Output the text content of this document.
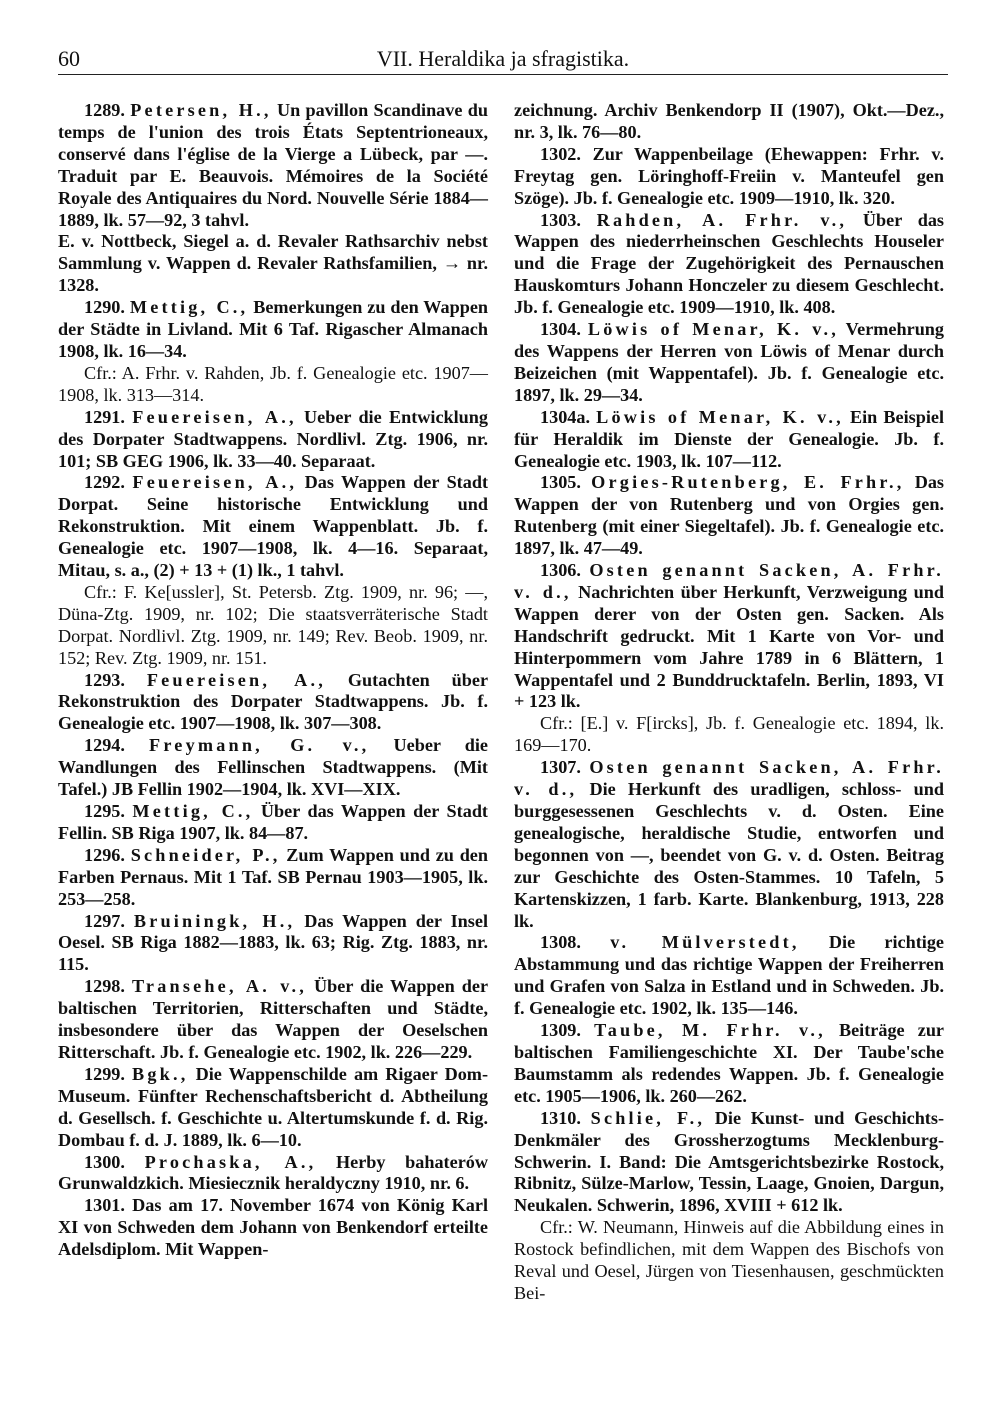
60	VII. Heraldika ja sfragistika.

1289. Petersen, H., Un pavillon Scandinave du temps de l'union des trois États Septentrioneaux, conservé dans l'église de la Vierge a Lübeck, par —. Traduit par E. Beauvois. Mémoires de la Société Royale des Antiquaires du Nord. Nouvelle Série 1884—1889, lk. 57—92, 3 tahvl.

E. v. Nottbeck, Siegel a. d. Revaler Rathsarchiv nebst Sammlung v. Wappen d. Revaler Rathsfamilien, → nr. 1328.

1290. Mettig, C., Bemerkungen zu den Wappen der Städte in Livland. Mit 6 Taf. Rigascher Almanach 1908, lk. 16—34.

Cfr.: A. Frhr. v. Rahden, Jb. f. Genealogie etc. 1907—1908, lk. 313—314.

1291. Feuereisen, A., Ueber die Entwicklung des Dorpater Stadtwappens. Nordlivl. Ztg. 1906, nr. 101; SB GEG 1906, lk. 33—40. Separaat.

1292. Feuereisen, A., Das Wappen der Stadt Dorpat. Seine historische Entwicklung und Rekonstruktion. Mit einem Wappenblatt. Jb. f. Genealogie etc. 1907—1908, lk. 4—16. Separaat, Mitau, s. a., (2) + 13 + (1) lk., 1 tahvl.

Cfr.: F. Ke[ussler], St. Petersb. Ztg. 1909, nr. 96; —, Düna-Ztg. 1909, nr. 102; Die staatsverräterische Stadt Dorpat. Nordlivl. Ztg. 1909, nr. 149; Rev. Beob. 1909, nr. 152; Rev. Ztg. 1909, nr. 151.

1293. Feuereisen, A., Gutachten über Rekonstruktion des Dorpater Stadtwappens. Jb. f. Genealogie etc. 1907—1908, lk. 307—308.

1294. Freymann, G. v., Ueber die Wandlungen des Fellinschen Stadtwappens. (Mit Tafel.) JB Fellin 1902—1904, lk. XVI—XIX.

1295. Mettig, C., Über das Wappen der Stadt Fellin. SB Riga 1907, lk. 84—87.

1296. Schneider, P., Zum Wappen und zu den Farben Pernaus. Mit 1 Taf. SB Pernau 1903—1905, lk. 253—258.

1297. Bruiningk, H., Das Wappen der Insel Oesel. SB Riga 1882—1883, lk. 63; Rig. Ztg. 1883, nr. 115.

1298. Transehe, A. v., Über die Wappen der baltischen Territorien, Ritterschaften und Städte, insbesondere über das Wappen der Oeselschen Ritterschaft. Jb. f. Genealogie etc. 1902, lk. 226—229.

1299. Bgk., Die Wappenschilde am Rigaer Dom-Museum. Fünfter Rechenschaftsbericht d. Abtheilung d. Gesellsch. f. Geschichte u. Altertumskunde f. d. Rig. Dombau f. d. J. 1889, lk. 6—10.

1300. Prochaska, A., Herby bahaterów Grunwaldzkich. Miesiecznik heraldyczny 1910, nr. 6.

1301. Das am 17. November 1674 von König Karl XI von Schweden dem Johann von Benkendorf erteilte Adelsdiplom. Mit Wappen-

zeichnung. Archiv Benkendorp II (1907), Okt.—Dez., nr. 3, lk. 76—80.

1302. Zur Wappenbeilage (Ehewappen: Frhr. v. Freytag gen. Löringhoff-Freiin v. Manteufel gen Szöge). Jb. f. Genealogie etc. 1909—1910, lk. 320.

1303. Rahden, A. Frhr. v., Über das Wappen des niederrheinschen Geschlechts Houseler und die Frage der Zugehörigkeit des Pernauschen Hauskomturs Johann Honczeler zu diesem Geschlecht. Jb. f. Genealogie etc. 1909—1910, lk. 408.

1304. Löwis of Menar, K. v., Vermehrung des Wappens der Herren von Löwis of Menar durch Beizeichen (mit Wappentafel). Jb. f. Genealogie etc. 1897, lk. 29—34.

1304a. Löwis of Menar, K. v., Ein Beispiel für Heraldik im Dienste der Genealogie. Jb. f. Genealogie etc. 1903, lk. 107—112.

1305. Orgies-Rutenberg, E. Frhr., Das Wappen der von Rutenberg und von Orgies gen. Rutenberg (mit einer Siegeltafel). Jb. f. Genealogie etc. 1897, lk. 47—49.

1306. Osten genannt Sacken, A. Frhr. v. d., Nachrichten über Herkunft, Verzweigung und Wappen derer von der Osten gen. Sacken. Als Handschrift gedruckt. Mit 1 Karte von Vor- und Hinterpommern vom Jahre 1789 in 6 Blättern, 1 Wappentafel und 2 Bunddrucktafeln. Berlin, 1893, VI + 123 lk.

Cfr.: [E.] v. F[ircks], Jb. f. Genealogie etc. 1894, lk. 169—170.

1307. Osten genannt Sacken, A. Frhr. v. d., Die Herkunft des uradligen, schloss- und burggesessenen Geschlechts v. d. Osten. Eine genealogische, heraldische Studie, entworfen und begonnen von —, beendet von G. v. d. Osten. Beitrag zur Geschichte des Osten-Stammes. 10 Tafeln, 5 Kartenskizzen, 1 farb. Karte. Blankenburg, 1913, 228 lk.

1308. v. Mülverstedt, Die richtige Abstammung und das richtige Wappen der Freiherren und Grafen von Salza in Estland und in Schweden. Jb. f. Genealogie etc. 1902, lk. 135—146.

1309. Taube, M. Frhr. v., Beiträge zur baltischen Familiengeschichte XI. Der Taube'sche Baumstamm als redendes Wappen. Jb. f. Genealogie etc. 1905—1906, lk. 260—262.

1310. Schlie, F., Die Kunst- und Geschichts-Denkmäler des Grossherzogtums Mecklenburg-Schwerin. I. Band: Die Amtsgerichtsbezirke Rostock, Ribnitz, Sülze-Marlow, Tessin, Laage, Gnoien, Dargun, Neukalen. Schwerin, 1896, XVIII + 612 lk.

Cfr.: W. Neumann, Hinweis auf die Abbildung eines in Rostock befindlichen, mit dem Wappen des Bischofs von Reval und Oesel, Jürgen von Tiesenhausen, geschmückten Bei-
